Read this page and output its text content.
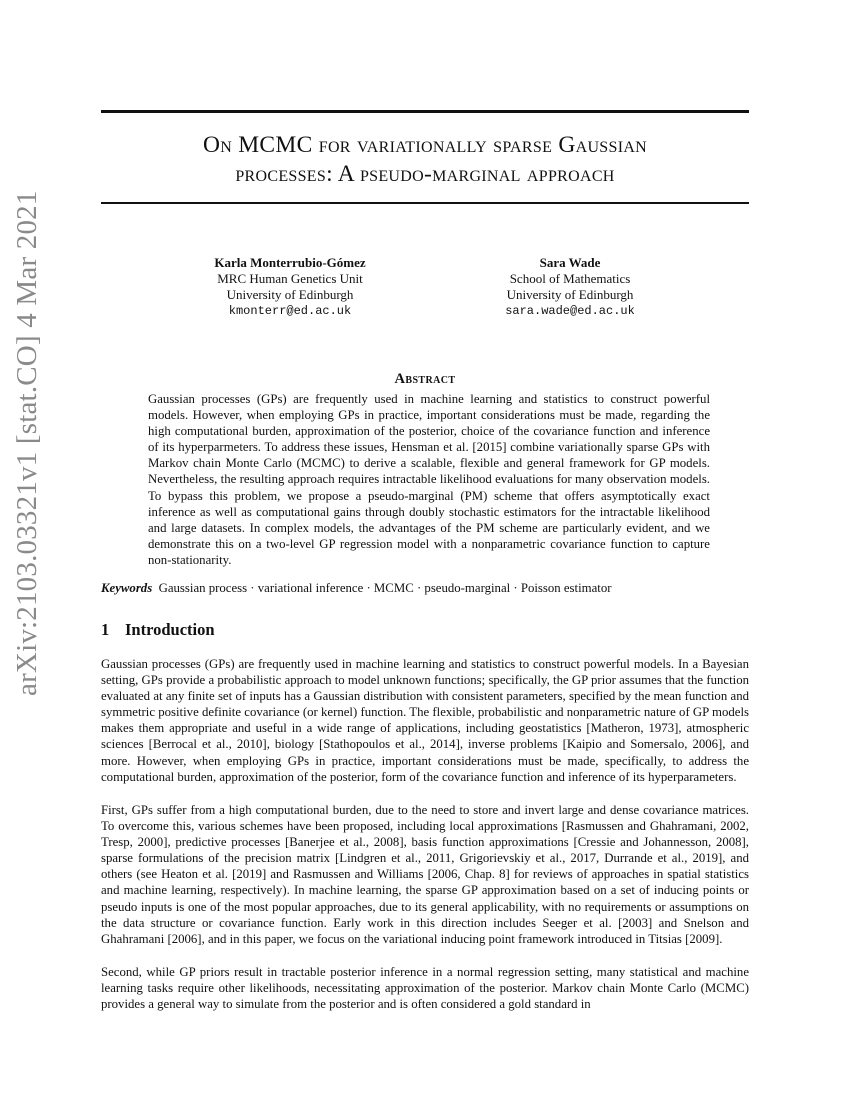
arXiv:2103.03321v1 [stat.CO] 4 Mar 2021
On MCMC for variationally sparse Gaussian
processes: A pseudo-marginal approach
Karla Monterrubio-Gómez
MRC Human Genetics Unit
University of Edinburgh
kmonterr@ed.ac.uk
Sara Wade
School of Mathematics
University of Edinburgh
sara.wade@ed.ac.uk
Abstract

Gaussian processes (GPs) are frequently used in machine learning and statistics to construct powerful models. However, when employing GPs in practice, important considerations must be made, regarding the high computational burden, approximation of the posterior, choice of the covariance function and inference of its hyperparmeters. To address these issues, Hensman et al. [2015] combine variationally sparse GPs with Markov chain Monte Carlo (MCMC) to derive a scalable, flexible and general framework for GP models. Nevertheless, the resulting approach requires intractable likelihood evaluations for many observation models. To bypass this problem, we propose a pseudo-marginal (PM) scheme that offers asymptotically exact inference as well as computational gains through doubly stochastic estimators for the intractable likelihood and large datasets. In complex models, the advantages of the PM scheme are particularly evident, and we demonstrate this on a two-level GP regression model with a nonparametric covariance function to capture non-stationarity.

Keywords Gaussian process · variational inference · MCMC · pseudo-marginal · Poisson estimator

1 Introduction

Gaussian processes (GPs) are frequently used in machine learning and statistics to construct powerful models. In a Bayesian setting, GPs provide a probabilistic approach to model unknown functions; specifically, the GP prior assumes that the function evaluated at any finite set of inputs has a Gaussian distribution with consistent parameters, specified by the mean function and symmetric positive definite covariance (or kernel) function. The flexible, probabilistic and nonparametric nature of GP models makes them appropriate and useful in a wide range of applications, including geostatistics [Matheron, 1973], atmospheric sciences [Berrocal et al., 2010], biology [Stathopoulos et al., 2014], inverse problems [Kaipio and Somersalo, 2006], and more. However, when employing GPs in practice, important considerations must be made, specifically, to address the computational burden, approximation of the posterior, form of the covariance function and inference of its hyperparameters.

First, GPs suffer from a high computational burden, due to the need to store and invert large and dense covariance matrices. To overcome this, various schemes have been proposed, including local approximations [Rasmussen and Ghahramani, 2002, Tresp, 2000], predictive processes [Banerjee et al., 2008], basis function approximations [Cressie and Johannesson, 2008], sparse formulations of the precision matrix [Lindgren et al., 2011, Grigorievskiy et al., 2017, Durrande et al., 2019], and others (see Heaton et al. [2019] and Rasmussen and Williams [2006, Chap. 8] for reviews of approaches in spatial statistics and machine learning, respectively). In machine learning, the sparse GP approximation based on a set of inducing points or pseudo inputs is one of the most popular approaches, due to its general applicability, with no requirements or assumptions on the data structure or covariance function. Early work in this direction includes Seeger et al. [2003] and Snelson and Ghahramani [2006], and in this paper, we focus on the variational inducing point framework introduced in Titsias [2009].

Second, while GP priors result in tractable posterior inference in a normal regression setting, many statistical and machine learning tasks require other likelihoods, necessitating approximation of the posterior. Markov chain Monte Carlo (MCMC) provides a general way to simulate from the posterior and is often considered a gold standard in
